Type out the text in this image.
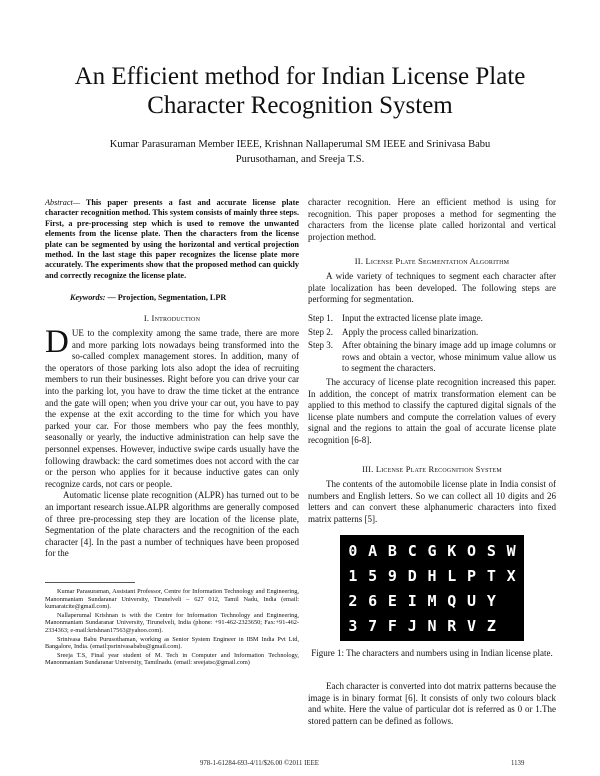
An Efficient method for Indian License Plate Character Recognition System
Kumar Parasuraman Member IEEE, Krishnan Nallaperumal SM IEEE and Srinivasa Babu
Purusothaman, and Sreeja T.S.
Abstract— This paper presents a fast and accurate license plate character recognition method. This system consists of mainly three steps. First, a pre-processing step which is used to remove the unwanted elements from the license plate. Then the characters from the license plate can be segmented by using the horizontal and vertical projection method. In the last stage this paper recognizes the license plate more accurately. The experiments show that the proposed method can quickly and correctly recognize the license plate.
Keywords: — Projection, Segmentation, LPR
I. Introduction

DUE to the complexity among the same trade, there are more and more parking lots nowadays being transformed into the so-called complex management stores. In addition, many of the operators of those parking lots also adopt the idea of recruiting members to run their businesses. Right before you can drive your car into the parking lot, you have to draw the time ticket at the entrance and the gate will open; when you drive your car out, you have to pay the expense at the exit according to the time for which you have parked your car. For those members who pay the fees monthly, seasonally or yearly, the inductive administration can help save the personnel expenses. However, inductive swipe cards usually have the following drawback: the card sometimes does not accord with the car or the person who applies for it because inductive gates can only recognize cards, not cars or people.

Automatic license plate recognition (ALPR) has turned out to be an important research issue.ALPR algorithms are generally composed of three pre-processing step they are location of the license plate, Segmentation of the plate characters and the recognition of the each character [4]. In the past a number of techniques have been proposed for the

Kumar Parasuraman, Assistant Professor, Centre for Information Technology and Engineering, Manonmaniam Sundaranar University, Tirunelveli – 627 012, Tamil Nadu, India (email: kumaratcite@gmail.com).

Nallaperumal Krishnan is with the Centre for Information Technology and Engineering, Manonmaniam Sundaranar University, Tirunelveli, India (phone: +91-462-2323650; Fax:+91-462-2334363; e-mail:krishnan17563@yahoo.com).

Srinivasa Babu Purusothaman, working as Senior System Engineer in IBM India Pvt Ltd, Bangalore, India. (email:psrinivasababu@gmail.com).

Sreeja T.S, Final year student of M. Tech in Computer and Information Technology, Manonmaniam Sundaranar University, Tamilnadu. (email: sreejatsc@gmail.com)

character recognition. Here an efficient method is using for recognition. This paper proposes a method for segmenting the characters from the license plate called horizontal and vertical projection method.
II. License Plate Segmentation Algorithm

A wide variety of techniques to segment each character after plate localization has been developed. The following steps are performing for segmentation.

Step 1. Input the extracted license plate image.
Step 2. Apply the process called binarization.
Step 3. After obtaining the binary image add up image columns or rows and obtain a vector, whose minimum value allow us to segment the characters.

The accuracy of license plate recognition increased this paper. In addition, the concept of matrix transformation element can be applied to this method to classify the captured digital signals of the license plate numbers and compute the correlation values of every signal and the regions to attain the goal of accurate license plate recognition [6-8].

III. License Plate Recognition System

The contents of the automobile license plate in India consist of numbers and English letters. So we can collect all 10 digits and 26 letters and can convert these alphanumeric characters into fixed matrix patterns [5].

0 A B C G K O S W
1 5 9 D H L P T X
2 6 E I M Q U Y
3 7 F J N R V Z
Figure 1: The characters and numbers using in Indian license plate.

Each character is converted into dot matrix patterns because the image is in binary format [6]. It consists of only two colours black and white. Here the value of particular dot is referred as 0 or 1.The stored pattern can be defined as follows.

978-1-61284-693-4/11/$26.00 ©2011 IEEE	1139
